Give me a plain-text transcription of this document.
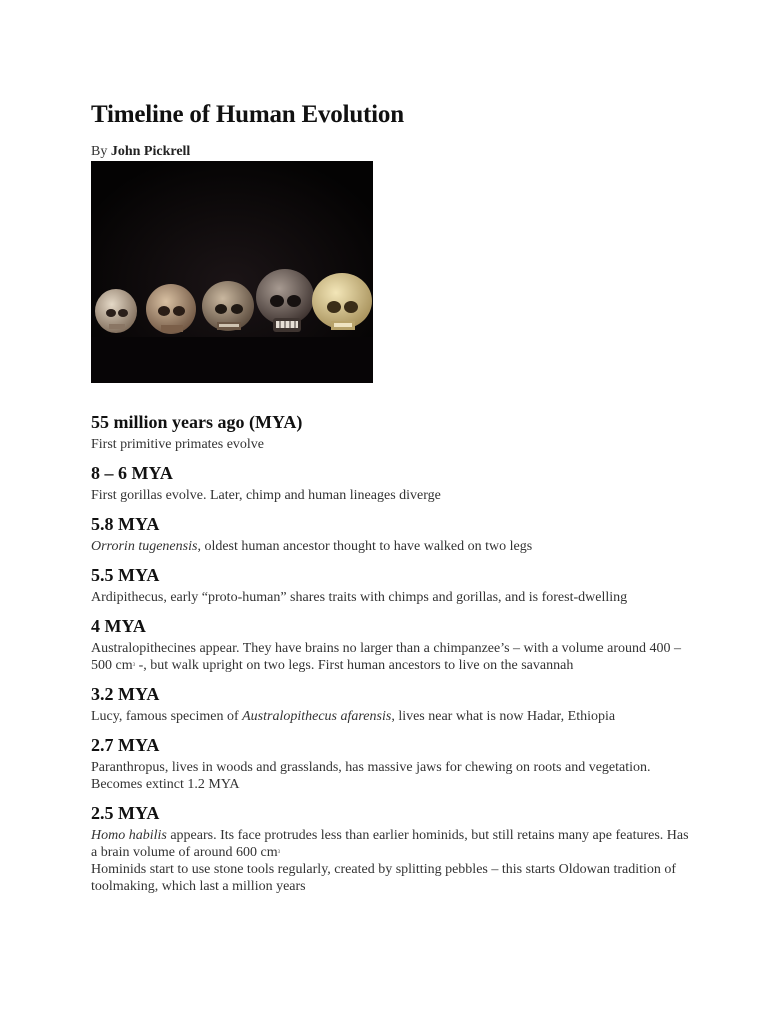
Timeline of Human Evolution
By John Pickrell
55 million years ago (MYA)

First primitive primates evolve

8 – 6 MYA

First gorillas evolve. Later, chimp and human lineages diverge

5.8 MYA

Orrorin tugenensis, oldest human ancestor thought to have walked on two legs

5.5 MYA

Ardipithecus, early “proto-human” shares traits with chimps and gorillas, and is forest-dwelling

4 MYA

Australopithecines appear. They have brains no larger than a chimpanzee’s – with a volume around 400 – 500 $cm^3$ -, but walk upright on two legs. First human ancestors to live on the savannah

3.2 MYA

Lucy, famous specimen of Australopithecus afarensis, lives near what is now Hadar, Ethiopia

2.7 MYA

Paranthropus, lives in woods and grasslands, has massive jaws for chewing on roots and vegetation. Becomes extinct 1.2 MYA

2.5 MYA

Homo habilis appears. Its face protrudes less than earlier hominids, but still retains many ape features. Has a brain volume of around 600 $cm^3$

Hominids start to use stone tools regularly, created by splitting pebbles – this starts Oldowan tradition of toolmaking, which last a million years
